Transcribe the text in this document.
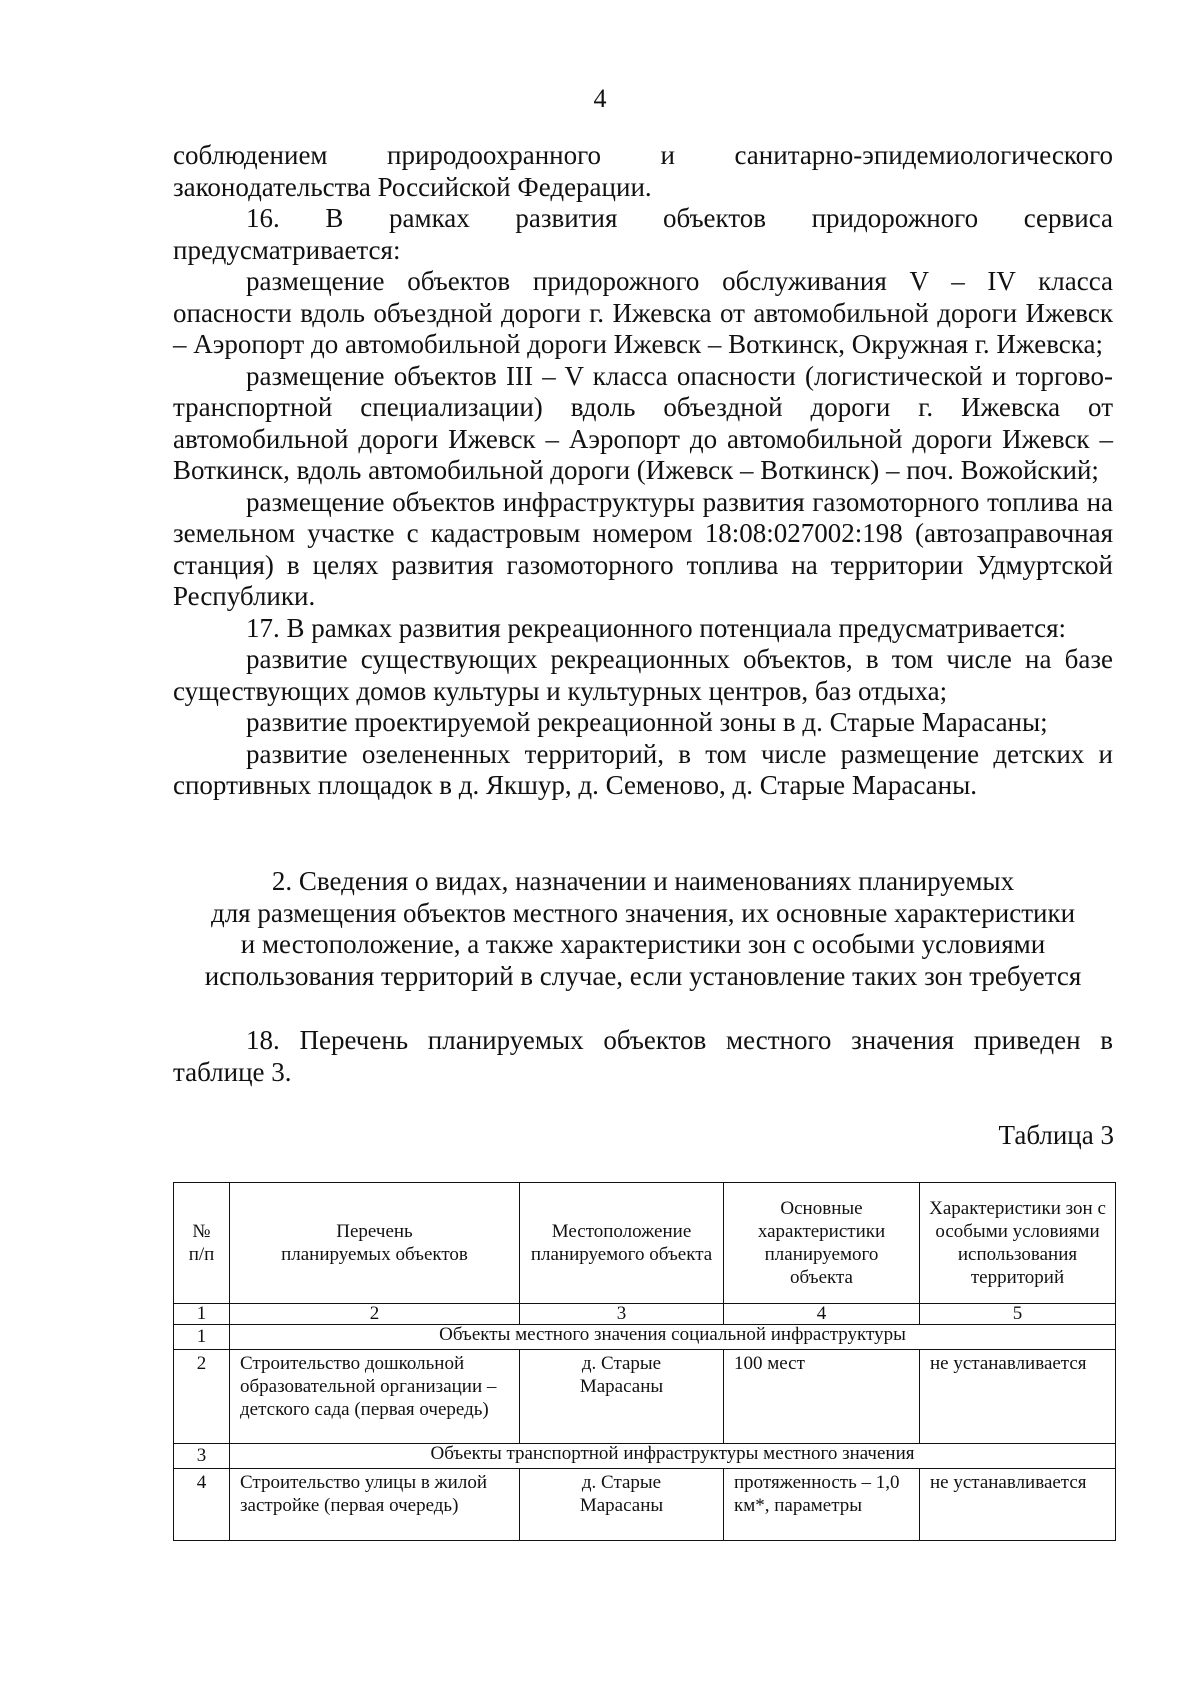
4

соблюдением природоохранного и санитарно-эпидемиологического законодательства Российской Федерации.

16. В рамках развития объектов придорожного сервиса предусматривается:

размещение объектов придорожного обслуживания V – IV класса опасности вдоль объездной дороги г. Ижевска от автомобильной дороги Ижевск – Аэропорт до автомобильной дороги Ижевск – Воткинск, Окружная г. Ижевска;

размещение объектов III – V класса опасности (логистической и торгово-транспортной специализации) вдоль объездной дороги г. Ижевска от автомобильной дороги Ижевск – Аэропорт до автомобильной дороги Ижевск – Воткинск, вдоль автомобильной дороги (Ижевск – Воткинск) – поч. Вожойский;

размещение объектов инфраструктуры развития газомоторного топлива на земельном участке с кадастровым номером 18:08:027002:198 (автозаправочная станция) в целях развития газомоторного топлива на территории Удмуртской Республики.

17. В рамках развития рекреационного потенциала предусматривается:

развитие существующих рекреационных объектов, в том числе на базе существующих домов культуры и культурных центров, баз отдыха;

развитие проектируемой рекреационной зоны в д. Старые Марасаны;

развитие озелененных территорий, в том числе размещение детских и спортивных площадок в д. Якшур, д. Семеново, д. Старые Марасаны.

2. Сведения о видах, назначении и наименованиях планируемых
для размещения объектов местного значения, их основные характеристики
и местоположение, а также характеристики зон с особыми условиями
использования территорий в случае, если установление таких зон требуется
18. Перечень планируемых объектов местного значения приведен в таблице 3.
Таблица 3
№
п/п	Перечень планируемых объектов	Местоположение планируемого объекта	Основные характеристики планируемого объекта	Характеристики зон с особыми условиями использования территорий
1	2	3	4	5
1	Объекты местного значения социальной инфраструктуры			
2	Строительство дошкольной образовательной организации – детского сада (первая очередь)	д. Старые Марасаны	100 мест	не устанавливается
3	Объекты транспортной инфраструктуры местного значения			
4	Строительство улицы в жилой застройке (первая очередь)	д. Старые Марасаны	протяженность – 1,0 км*, параметры	не устанавливается
